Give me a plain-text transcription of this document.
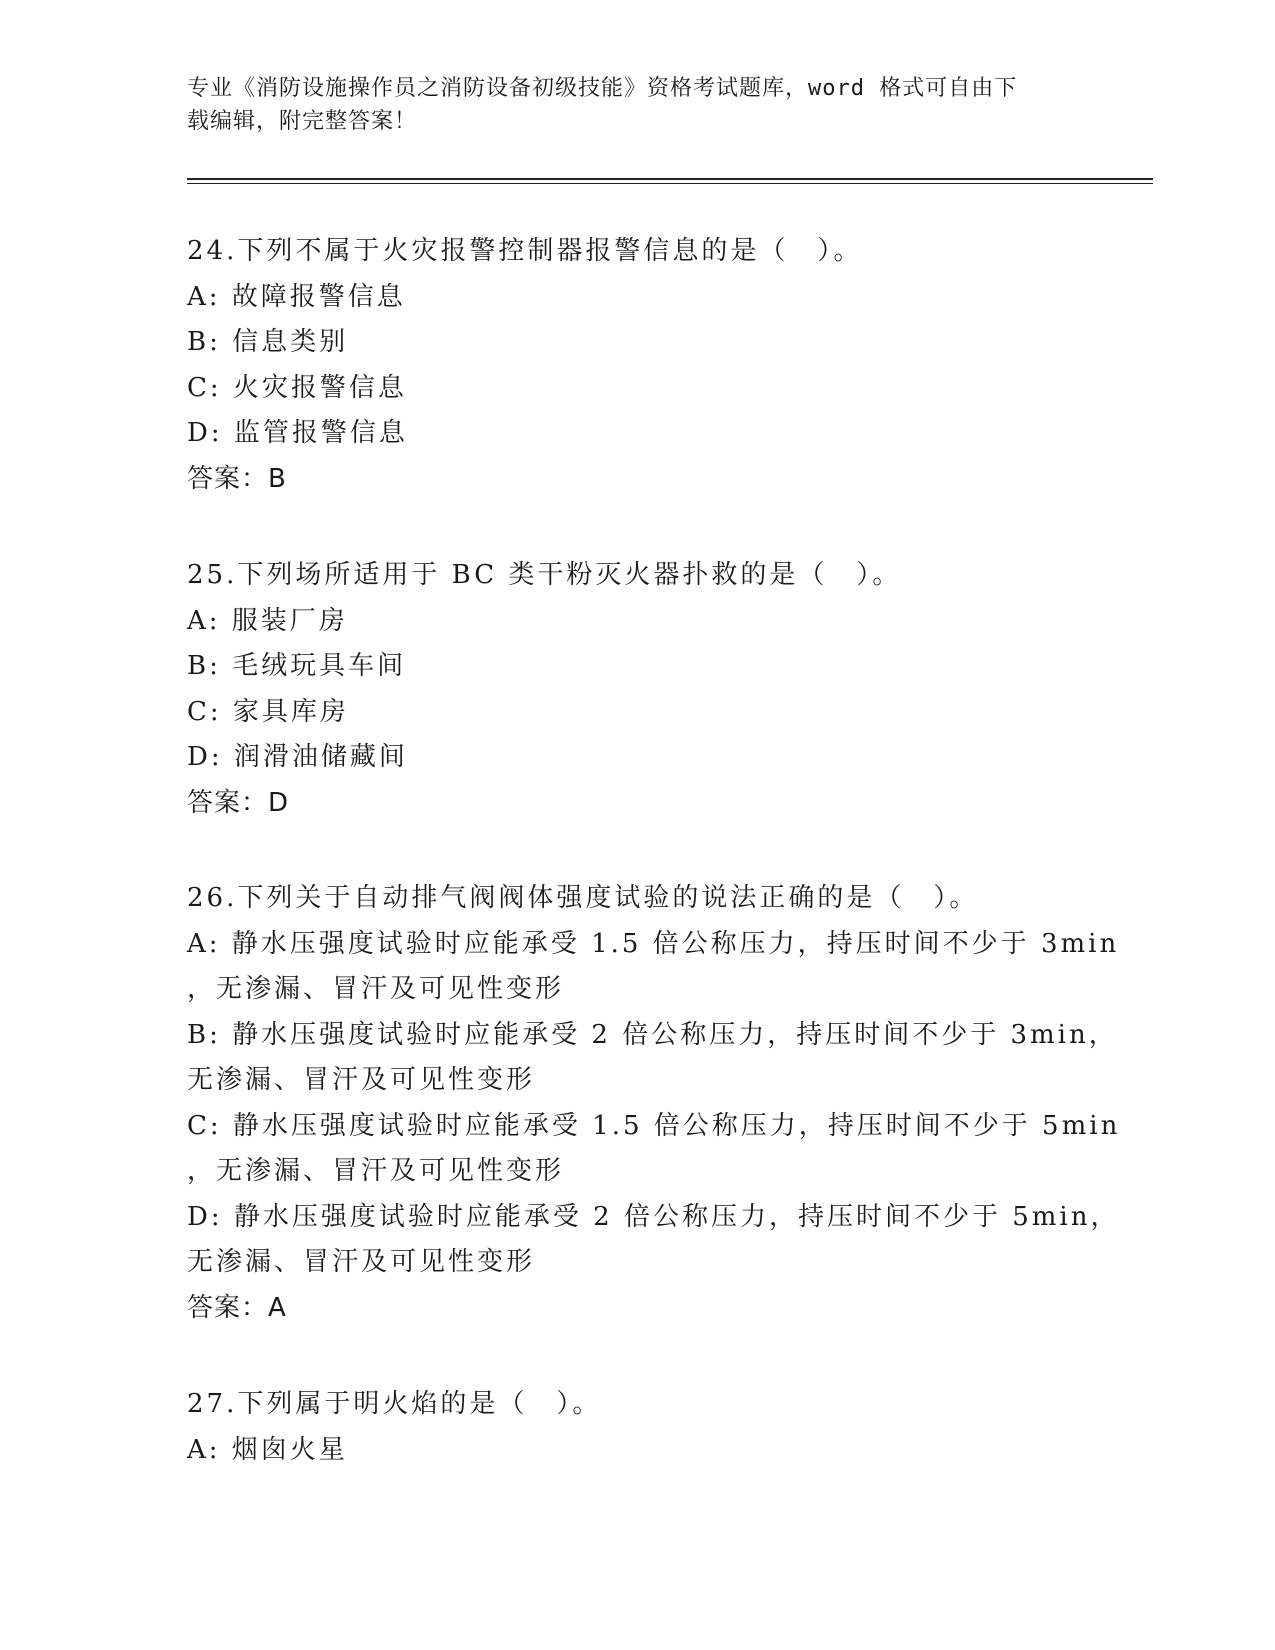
专业《消防设施操作员之消防设备初级技能》资格考试题库，word 格式可自由下
载编辑，附完整答案！
24.下列不属于火灾报警控制器报警信息的是（　）。
A: 故障报警信息
B: 信息类别
C: 火灾报警信息
D: 监管报警信息
答案：B
25.下列场所适用于 BC 类干粉灭火器扑救的是（　）。
A: 服装厂房
B: 毛绒玩具车间
C: 家具库房
D: 润滑油储藏间
答案：D
26.下列关于自动排气阀阀体强度试验的说法正确的是（　）。
A: 静水压强度试验时应能承受 1.5 倍公称压力，持压时间不少于 3min
，无渗漏、冒汗及可见性变形
B: 静水压强度试验时应能承受 2 倍公称压力，持压时间不少于 3min，
无渗漏、冒汗及可见性变形
C: 静水压强度试验时应能承受 1.5 倍公称压力，持压时间不少于 5min
，无渗漏、冒汗及可见性变形
D: 静水压强度试验时应能承受 2 倍公称压力，持压时间不少于 5min，
无渗漏、冒汗及可见性变形
答案：A
27.下列属于明火焰的是（　）。
A: 烟囱火星
